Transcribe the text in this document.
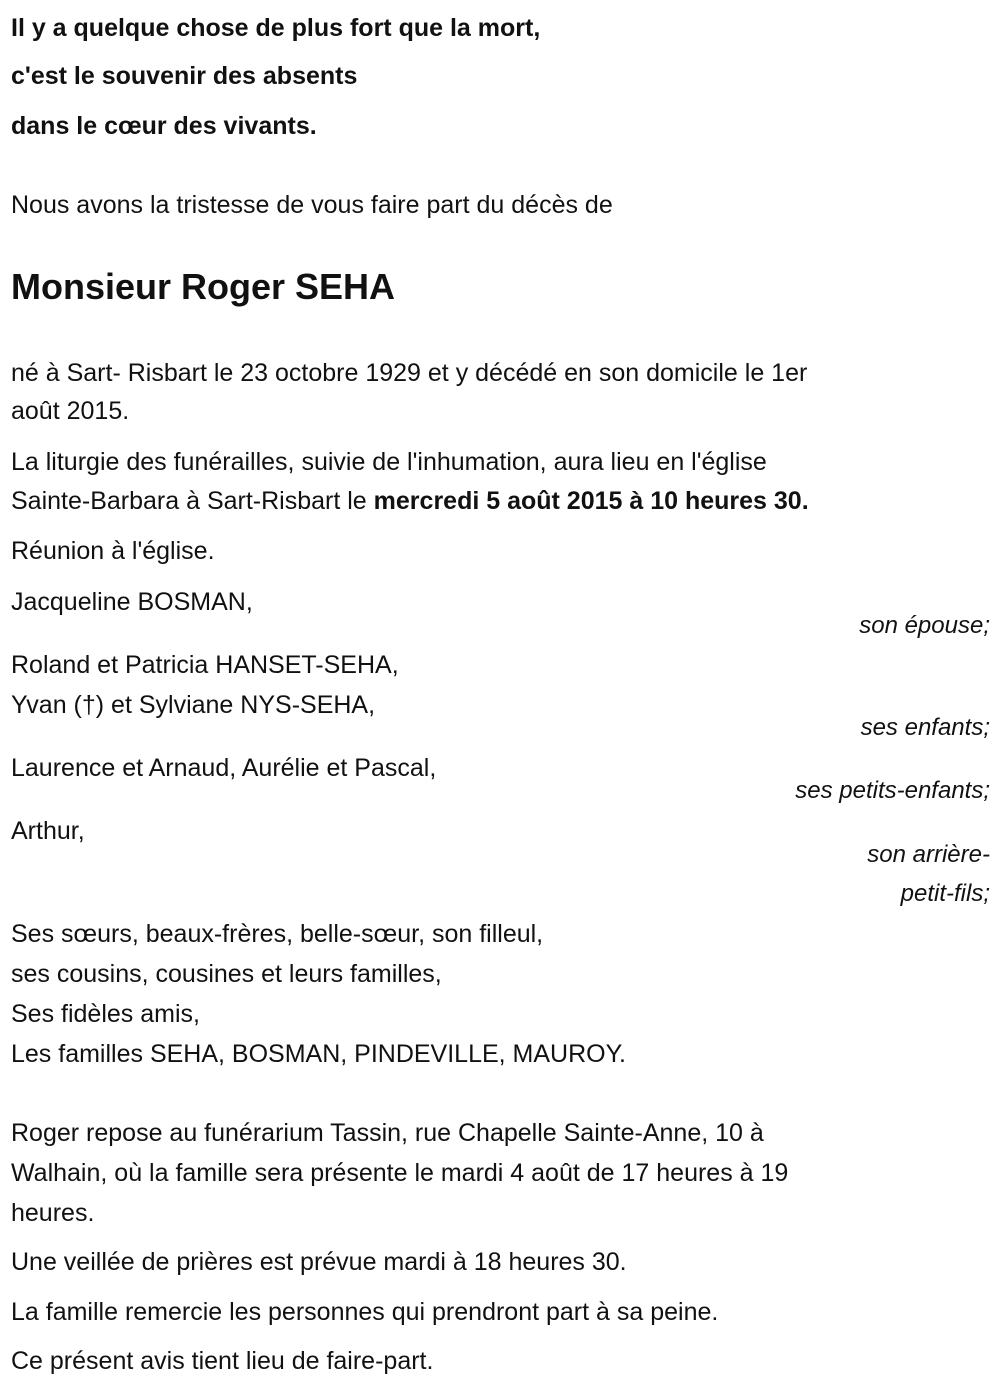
Il y a quelque chose de plus fort que la mort,
c'est le souvenir des absents
dans le cœur des vivants.
Nous avons la tristesse de vous faire part du décès de
Monsieur Roger SEHA
né à Sart- Risbart le 23 octobre 1929 et y décédé en son domicile le 1er
août 2015.
La liturgie des funérailles, suivie de l'inhumation, aura lieu en l'église
Sainte-Barbara à Sart-Risbart le mercredi 5 août 2015 à 10 heures 30.
Réunion à l'église.
Jacqueline BOSMAN,
son épouse;
Roland et Patricia HANSET-SEHA,
Yvan (†) et Sylviane NYS-SEHA,
ses enfants;
Laurence et Arnaud, Aurélie et Pascal,
ses petits-enfants;
Arthur,
son arrière-
petit-fils;
Ses sœurs, beaux-frères, belle-sœur, son filleul,
ses cousins, cousines et leurs familles,
Ses fidèles amis,
Les familles SEHA, BOSMAN, PINDEVILLE, MAUROY.
Roger repose au funérarium Tassin, rue Chapelle Sainte-Anne, 10 à
Walhain, où la famille sera présente le mardi 4 août de 17 heures à 19
heures.
Une veillée de prières est prévue mardi à 18 heures 30.
La famille remercie les personnes qui prendront part à sa peine.
Ce présent avis tient lieu de faire-part.
